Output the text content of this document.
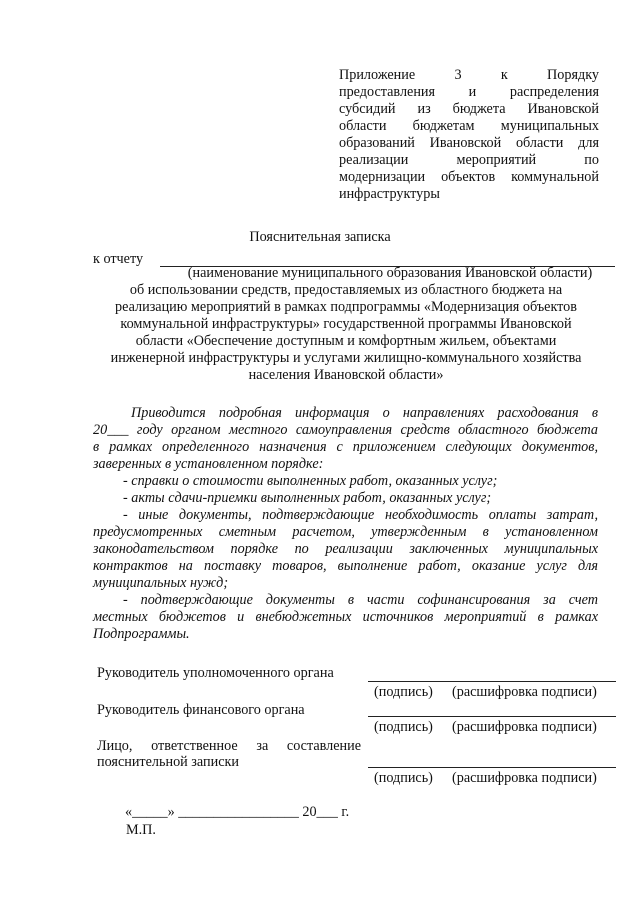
Приложение 3 к Порядку
предоставления и распределения
субсидий из бюджета Ивановской
области бюджетам муниципальных
образований Ивановской области для
реализации мероприятий по
модернизации объектов коммунальной
инфраструктуры
Пояснительная записка
к отчету
(наименование муниципального образования Ивановской области)
об использовании средств, предоставляемых из областного бюджета на
реализацию мероприятий в рамках подпрограммы «Модернизация объектов
коммунальной инфраструктуры» государственной программы Ивановской
области «Обеспечение доступным и комфортным жильем, объектами
инженерной инфраструктуры и услугами жилищно-коммунального хозяйства
населения Ивановской области»
Приводится подробная информация о направлениях расходования в
20___ году органом местного самоуправления средств областного бюджета
в рамках определенного назначения с приложением следующих документов,
заверенных в установленном порядке:
- справки о стоимости выполненных работ, оказанных услуг;
- акты сдачи-приемки выполненных работ, оказанных услуг;
- иные документы, подтверждающие необходимость оплаты затрат,
предусмотренных сметным расчетом, утвержденным в установленном
законодательством порядке по реализации заключенных муниципальных
контрактов на поставку товаров, выполнение работ, оказание услуг для
муниципальных нужд;
- подтверждающие документы в части софинансирования за счет
местных бюджетов и внебюджетных источников мероприятий в рамках
Подпрограммы.
Руководитель уполномоченного органа
(подпись) (расшифровка подписи)
Руководитель финансового органа
(подпись) (расшифровка подписи)
Лицо, ответственное за составление
пояснительной записки
(подпись) (расшифровка подписи)
«_____» _________________ 20___ г.
М.П.
